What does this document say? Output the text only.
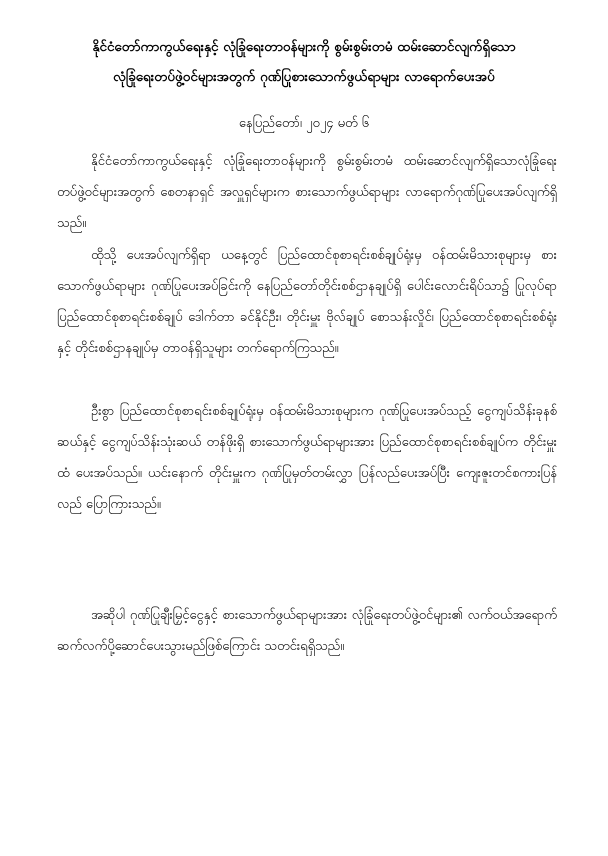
နိုင်ငံတော်ကာကွယ်ရေးနှင့် လုံခြုံရေးတာဝန်များကို စွမ်းစွမ်းတမံ ထမ်းဆောင်လျက်ရှိသော
လုံခြုံရေးတပ်ဖွဲ့ဝင်များအတွက် ဂုဏ်ပြုစားသောက်ဖွယ်ရာများ လာရောက်ပေးအပ်
နေပြည်တော်၊ ၂၀၂၄ မတ် ၆
နိုင်ငံတော်ကာကွယ်ရေးနှင့် လုံခြုံရေးတာဝန်များကို စွမ်းစွမ်းတမံ ထမ်းဆောင်လျက်ရှိသောလုံခြုံရေးတပ်ဖွဲ့ဝင်များအတွက် စေတနာရှင် အလှူရှင်များက စားသောက်ဖွယ်ရာများ လာရောက်ဂုဏ်ပြုပေးအပ်လျက်ရှိသည်။
ထိုသို့ ပေးအပ်လျက်ရှိရာ ယနေ့တွင် ပြည်ထောင်စုစာရင်းစစ်ချုပ်ရုံးမှ ဝန်ထမ်းမိသားစုများမှ စားသောက်ဖွယ်ရာများ ဂုဏ်ပြုပေးအပ်ခြင်းကို နေပြည်တော်တိုင်းစစ်ဌာနချုပ်ရှိ ပေါင်းလောင်းရိပ်သာ၌ ပြုလုပ်ရာ ပြည်ထောင်စုစာရင်းစစ်ချုပ် ဒေါက်တာ ခင်နိုင်ဦး၊ တိုင်းမှူး ဗိုလ်ချုပ် စောသန်းလှိုင်၊ ပြည်ထောင်စုစာရင်းစစ်ရုံးနှင့် တိုင်းစစ်ဌာနချုပ်မှ တာဝန်ရှိသူများ တက်ရောက်ကြသည်။
ဦးစွာ ပြည်ထောင်စုစာရင်းစစ်ချုပ်ရုံးမှ ဝန်ထမ်းမိသားစုများက ဂုဏ်ပြုပေးအပ်သည့် ငွေကျပ်သိန်းခုနစ်ဆယ်နှင့် ငွေကျပ်သိန်းသုံးဆယ် တန်ဖိုးရှိ စားသောက်ဖွယ်ရာများအား ပြည်ထောင်စုစာရင်းစစ်ချုပ်က တိုင်းမှူးထံ ပေးအပ်သည်။ ယင်းနောက် တိုင်းမှူးက ဂုဏ်ပြုမှတ်တမ်းလွှာ ပြန်လည်ပေးအပ်ပြီး ကျေးဇူးတင်စကားပြန်လည် ပြောကြားသည်။
အဆိုပါ ဂုဏ်ပြုချီးမြှင့်ငွေနှင့် စားသောက်ဖွယ်ရာများအား လုံခြုံရေးတပ်ဖွဲ့ဝင်များ၏ လက်ဝယ်အရောက် ဆက်လက်ပို့ဆောင်ပေးသွားမည်ဖြစ်ကြောင်း သတင်းရရှိသည်။
